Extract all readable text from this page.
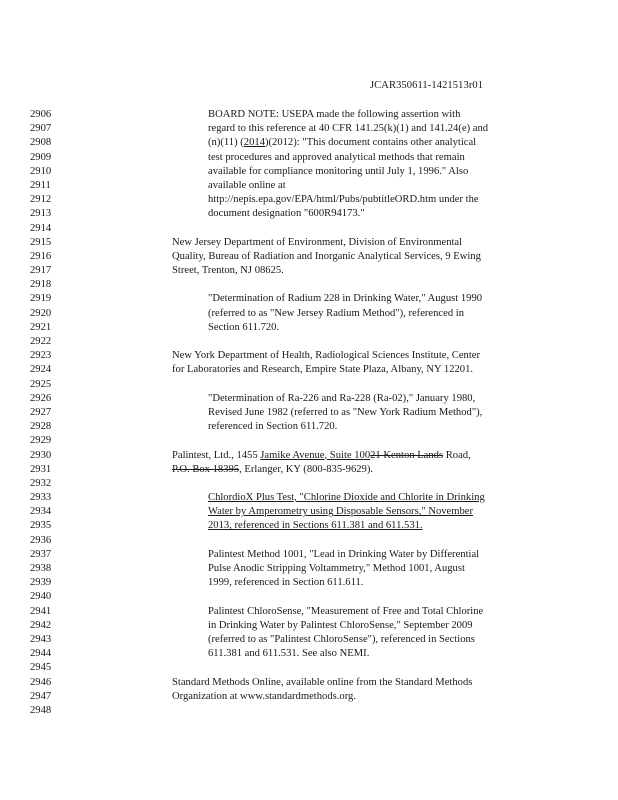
JCAR350611-1421513r01
2906	BOARD NOTE: USEPA made the following assertion with
2907	regard to this reference at 40 CFR 141.25(k)(1) and 141.24(e) and
2908	(n)(11) (2014)(2012): "This document contains other analytical
2909	test procedures and approved analytical methods that remain
2910	available for compliance monitoring until July 1, 1996." Also
2911	available online at
2912	http://nepis.epa.gov/EPA/html/Pubs/pubtitleORD.htm under the
2913	document designation "600R94173."
2914
2915	New Jersey Department of Environment, Division of Environmental
2916	Quality, Bureau of Radiation and Inorganic Analytical Services, 9 Ewing
2917	Street, Trenton, NJ 08625.
2918
2919	"Determination of Radium 228 in Drinking Water," August 1990
2920	(referred to as "New Jersey Radium Method"), referenced in
2921	Section 611.720.
2922
2923	New York Department of Health, Radiological Sciences Institute, Center
2924	for Laboratories and Research, Empire State Plaza, Albany, NY 12201.
2925
2926	"Determination of Ra-226 and Ra-228 (Ra-02)," January 1980,
2927	Revised June 1982 (referred to as "New York Radium Method"),
2928	referenced in Section 611.720.
2929
2930	Palintest, Ltd., 1455 Jamike Avenue, Suite 10021 Kenton Lands Road,
2931	P.O. Box 18395, Erlanger, KY (800-835-9629).
2932
2933	ChlordioX Plus Test, "Chlorine Dioxide and Chlorite in Drinking
2934	Water by Amperometry using Disposable Sensors," November
2935	2013, referenced in Sections 611.381 and 611.531.
2936
2937	Palintest Method 1001, "Lead in Drinking Water by Differential
2938	Pulse Anodic Stripping Voltammetry," Method 1001, August
2939	1999, referenced in Section 611.611.
2940
2941	Palintest ChloroSense, "Measurement of Free and Total Chlorine
2942	in Drinking Water by Palintest ChloroSense," September 2009
2943	(referred to as "Palintest ChloroSense"), referenced in Sections
2944	611.381 and 611.531. See also NEMI.
2945
2946	Standard Methods Online, available online from the Standard Methods
2947	Organization at www.standardmethods.org.
2948
